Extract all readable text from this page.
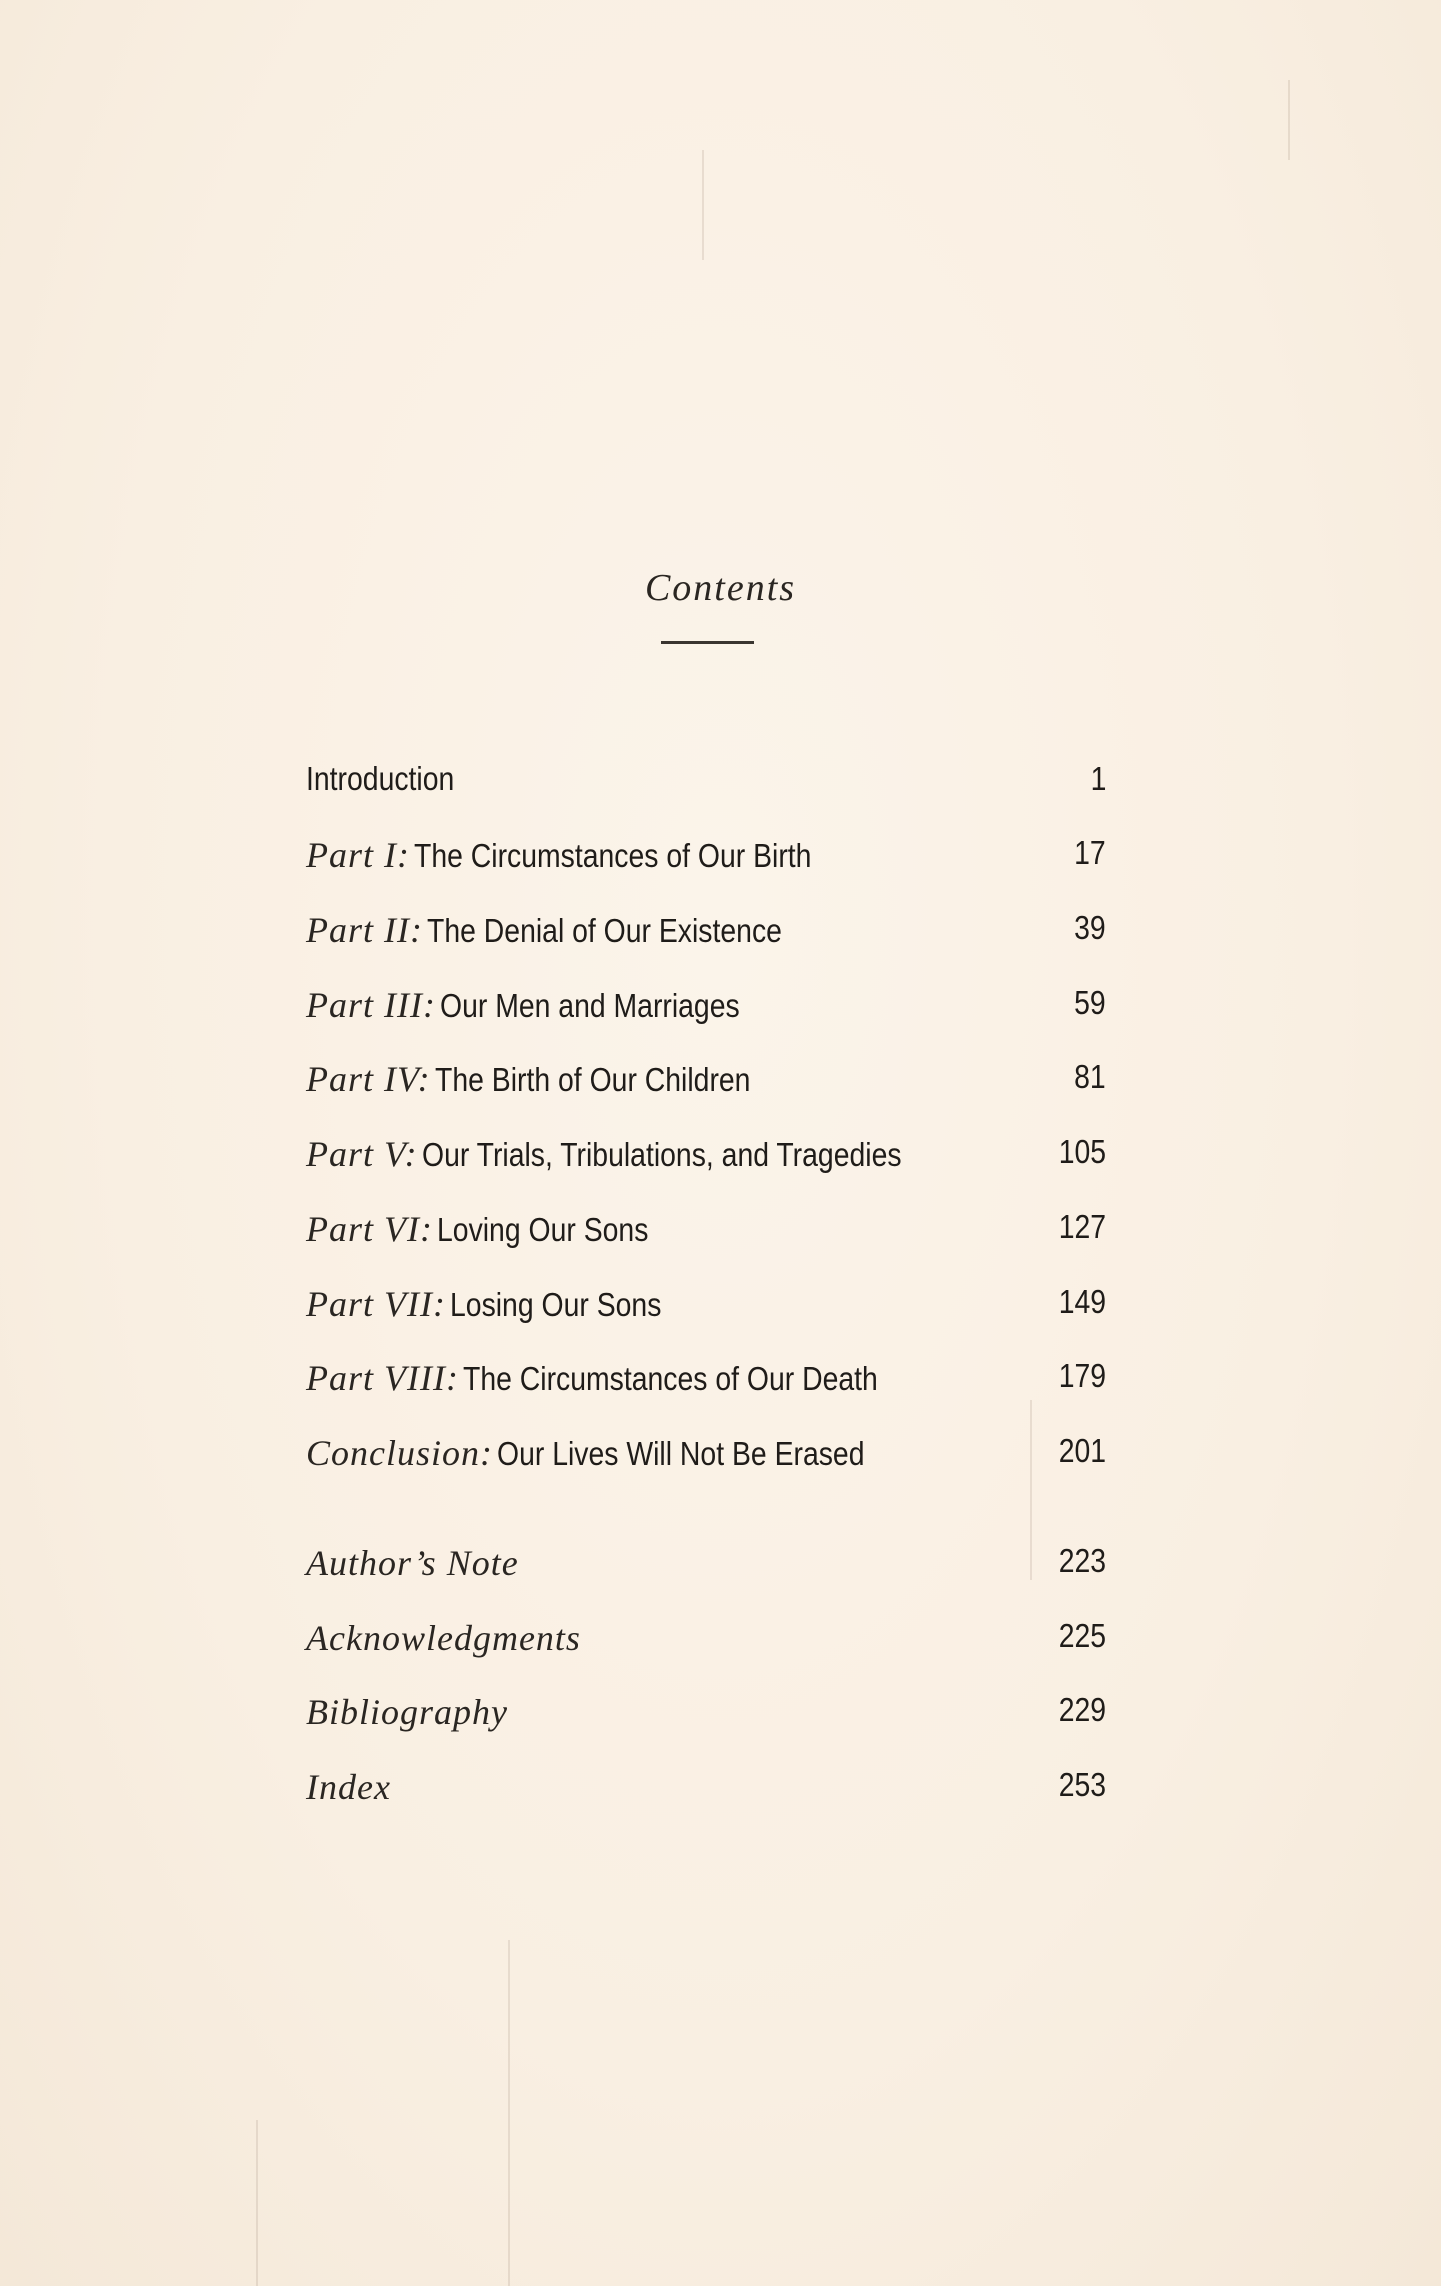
Contents
Introduction	1
Part I: The Circumstances of Our Birth	17
Part II: The Denial of Our Existence	39
Part III: Our Men and Marriages	59
Part IV: The Birth of Our Children	81
Part V: Our Trials, Tribulations, and Tragedies	105
Part VI: Loving Our Sons	127
Part VII: Losing Our Sons	149
Part VIII: The Circumstances of Our Death	179
Conclusion: Our Lives Will Not Be Erased	201
Author’s Note	223
Acknowledgments	225
Bibliography	229
Index	253
